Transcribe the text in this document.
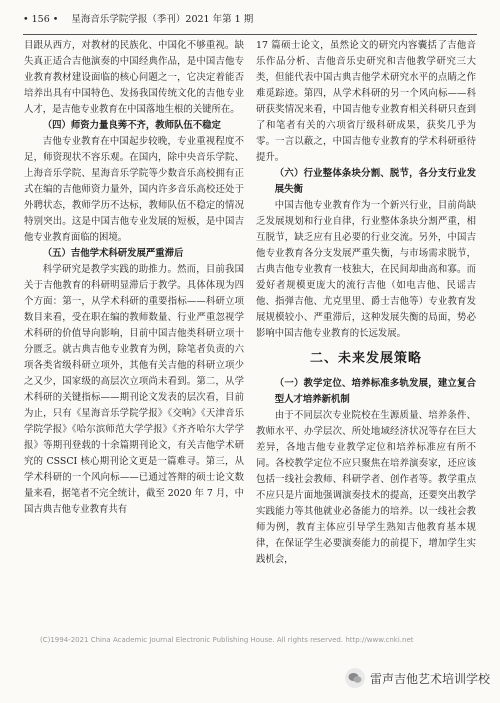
• 156 • 星海音乐学院学报（季刊）2021 年第 1 期

目跟从西方，对教材的民族化、中国化不够重视。缺失真正适合吉他演奏的中国经典作品，是中国吉他专业教育教材建设面临的核心问题之一，它决定着能否培养出具有中国特色、发扬我国传统文化的吉他专业人才，是吉他专业教育在中国落地生根的关键所在。

（四）师资力量良莠不齐，教师队伍不稳定

吉他专业教育在中国起步较晚，专业重视程度不足，师资现状不容乐观。在国内，除中央音乐学院、上海音乐学院、星海音乐学院等少数音乐高校拥有正式在编的吉他师资力量外，国内许多音乐高校还处于外聘状态，教师学历不达标，教师队伍不稳定的情况特别突出。这是中国吉他专业发展的短板，是中国吉他专业教育面临的困境。

（五）吉他学术科研发展严重滞后

科学研究是教学实践的助推力。然而，目前我国关于吉他教育的科研明显滞后于教学。具体体现为四个方面：第一，从学术科研的重要指标——科研立项数目来看，受在职在编的教师数量、行业严重忽视学术科研的价值导向影响，目前中国吉他类科研立项十分匮乏。就古典吉他专业教育为例，除笔者负责的六项各类省级科研立项外，其他有关吉他的科研立项少之又少，国家级的高层次立项尚未看到。第二，从学术科研的关键指标——期刊论文发表的层次看，目前为止，只有《星海音乐学院学报》《交响》《天津音乐学院学报》《哈尔滨师范大学学报》《齐齐哈尔大学学报》等期刊登载的十余篇期刊论文，有关吉他学术研究的 CSSCI 核心期刊论文更是一篇难寻。第三，从学术科研的一个风向标——已通过答辩的硕士论文数量来看，据笔者不完全统计，截至 2020 年 7 月，中国古典吉他专业教育共有

17 篇硕士论文，虽然论文的研究内容囊括了吉他音乐作品分析、吉他音乐史研究和吉他教学研究三大类，但能代表中国古典吉他学术研究水平的点睛之作难觅踪迹。第四，从学术科研的另一个风向标——科研获奖情况来看，中国吉他专业教育相关科研只查到了和笔者有关的六项省厅级科研成果，获奖几乎为零。一言以蔽之，中国吉他专业教育的学术科研亟待提升。

（六）行业整体条块分割、脱节，各分支行业发展失衡

中国吉他专业教育作为一个新兴行业，目前尚缺乏发展规划和行业自律，行业整体条块分割严重，相互脱节，缺乏应有且必要的行业交流。另外，中国吉他专业教育各分支发展严重失衡，与市场需求脱节，古典吉他专业教育一枝独大，在民间却曲高和寡。而爱好者规模更庞大的流行吉他（如电吉他、民谣吉他、指弹吉他、尤克里里、爵士吉他等）专业教育发展规模较小、严重滞后，这种发展失衡的局面，势必影响中国吉他专业教育的长远发展。

二、未来发展策略
（一）教学定位、培养标准多轨发展，建立复合型人才培养新机制

由于不同层次专业院校在生源质量、培养条件、教师水平、办学层次、所处地域经济状况等存在巨大差异，各地吉他专业教学定位和培养标准应有所不同。各校教学定位不应只聚焦在培养演奏家，还应该包括一线社会教师、科研学者、创作者等。教学重点不应只是片面地强调演奏技术的提高，还要突出教学实践能力等其他就业必备能力的培养。以一线社会教师为例，教育主体应引导学生熟知吉他教育基本规律，在保证学生必要演奏能力的前提下，增加学生实践机会，

(C)1994-2021 China Academic Journal Electronic Publishing House. All rights reserved. http://www.cnki.net
雷声吉他艺术培训学校
